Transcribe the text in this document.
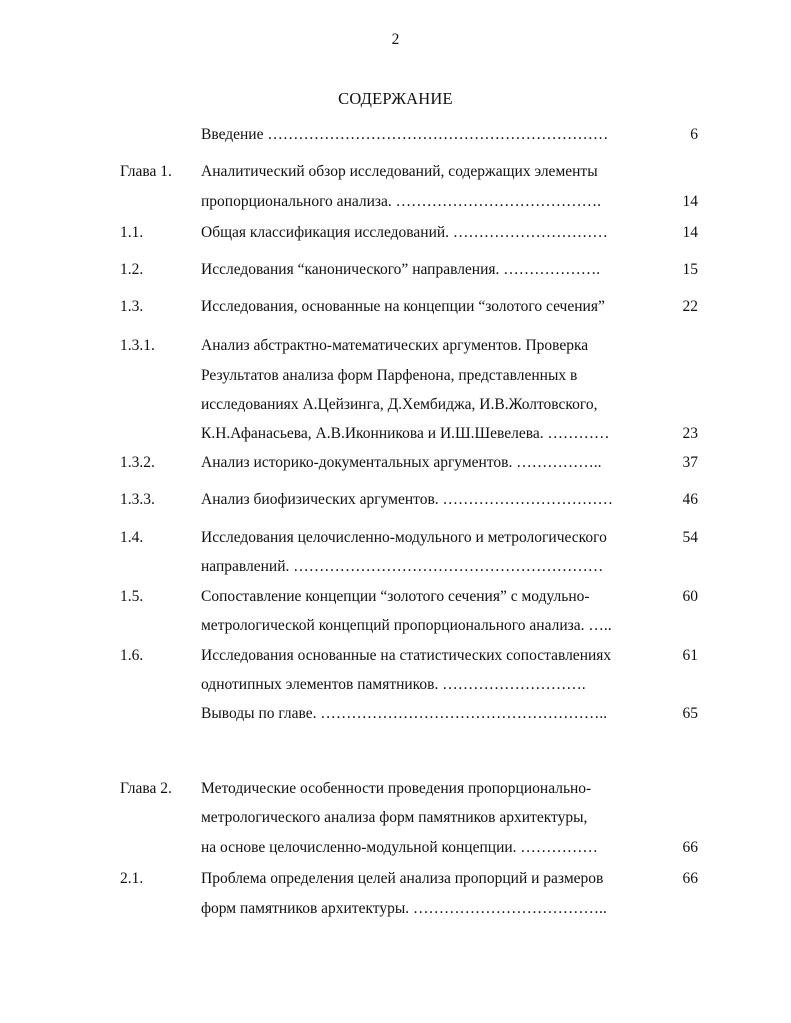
2
СОДЕРЖАНИЕ
Введение …………………………………………………………	6
Глава 1. Аналитический обзор исследований, содержащих элементы
пропорционального анализа. ………………………………….	14
1.1.	Общая классификация исследований. …………………………	14
1.2.	Исследования “канонического” направления. ……………….	15
1.3.	Исследования, основанные на концепции “золотого сечения”	22
1.3.1.	Анализ абстрактно-математических аргументов. Проверка
Результатов анализа форм Парфенона, представленных в
исследованиях А.Цейзинга, Д.Хембиджа, И.В.Жолтовского,
К.Н.Афанасьева, А.В.Иконникова и И.Ш.Шевелева. …………	23
1.3.2.	Анализ историко-документальных аргументов. ……………..	37
1.3.3.	Анализ биофизических аргументов. ……………………………	46
1.4.	Исследования целочисленно-модульного и метрологического	54
направлений. ……………………………………………………
1.5.	Сопоставление концепции “золотого сечения” с модульно-	60
метрологической концепций пропорционального анализа. …..
1.6.	Исследования основанные на статистических сопоставлениях	61
однотипных элементов памятников. ……………………….
Выводы по главе. ………………………………………………..	65
Глава 2. Методические особенности проведения пропорционально-
метрологического анализа форм памятников архитектуры,
на основе целочисленно-модульной концепции. ……………	66
2.1.	Проблема определения целей анализа пропорций и размеров	66
форм памятников архитектуры. ………………………………..
